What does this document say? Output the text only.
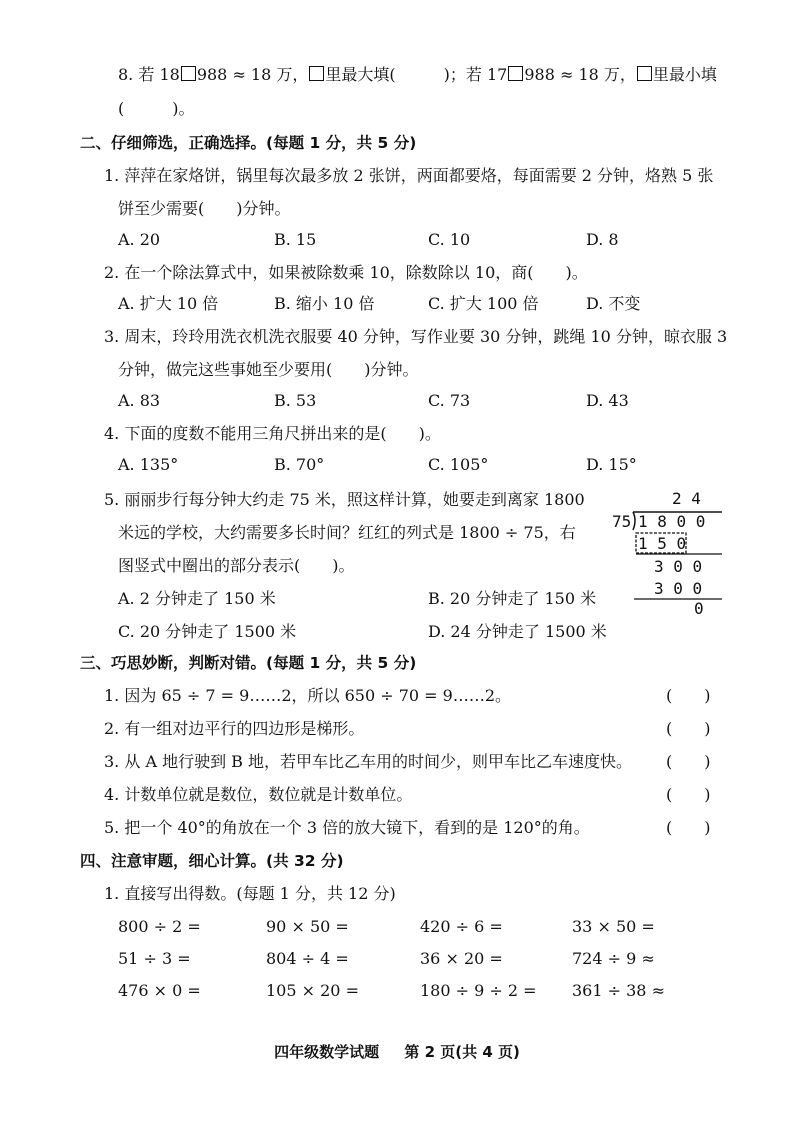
8. 若 18 988 ≈ 18 万， 里最大填(　　　)；若 17 988 ≈ 18 万， 里最小填
(　　　)。
二、仔细筛选，正确选择。(每题 1 分，共 5 分)
1. 萍萍在家烙饼，锅里每次最多放 2 张饼，两面都要烙，每面需要 2 分钟，烙熟 5 张
饼至少需要(　　)分钟。
A. 20	B. 15	C. 10	D. 8
2. 在一个除法算式中，如果被除数乘 10，除数除以 10，商(　　)。
A. 扩大 10 倍	B. 缩小 10 倍	C. 扩大 100 倍	D. 不变
3. 周末，玲玲用洗衣机洗衣服要 40 分钟，写作业要 30 分钟，跳绳 10 分钟，晾衣服 3
分钟，做完这些事她至少要用(　　)分钟。
A. 83	B. 53	C. 73	D. 43
4. 下面的度数不能用三角尺拼出来的是(　　)。
A. 135°	B. 70°	C. 105°	D. 15°
5. 丽丽步行每分钟大约走 75 米，照这样计算，她要走到离家 1800
米远的学校，大约需要多长时间？红红的列式是 1800 ÷ 75，右
图竖式中圈出的部分表示(　　)。
A. 2 分钟走了 150 米	B. 20 分钟走了 150 米
C. 20 分钟走了 1500 米	D. 24 分钟走了 1500 米
2 4
75 1 8 0 0
1 5 0
3 0 0
3 0 0
0
三、巧思妙断，判断对错。(每题 1 分，共 5 分)
1. 因为 65 ÷ 7 = 9……2，所以 650 ÷ 70 = 9……2。	(　　)
2. 有一组对边平行的四边形是梯形。	(　　)
3. 从 A 地行驶到 B 地，若甲车比乙车用的时间少，则甲车比乙车速度快。 (　　)
4. 计数单位就是数位，数位就是计数单位。	(　　)
5. 把一个 40°的角放在一个 3 倍的放大镜下，看到的是 120°的角。	(　　)
四、注意审题，细心计算。(共 32 分)
1. 直接写出得数。(每题 1 分，共 12 分)
800 ÷ 2 =	90 × 50 =	420 ÷ 6 =	33 × 50 =
51 ÷ 3 =	804 ÷ 4 =	36 × 20 =	724 ÷ 9 ≈
476 × 0 =	105 × 20 =	180 ÷ 9 ÷ 2 = 361 ÷ 38 ≈
四年级数学试题 第 2 页(共 4 页)
